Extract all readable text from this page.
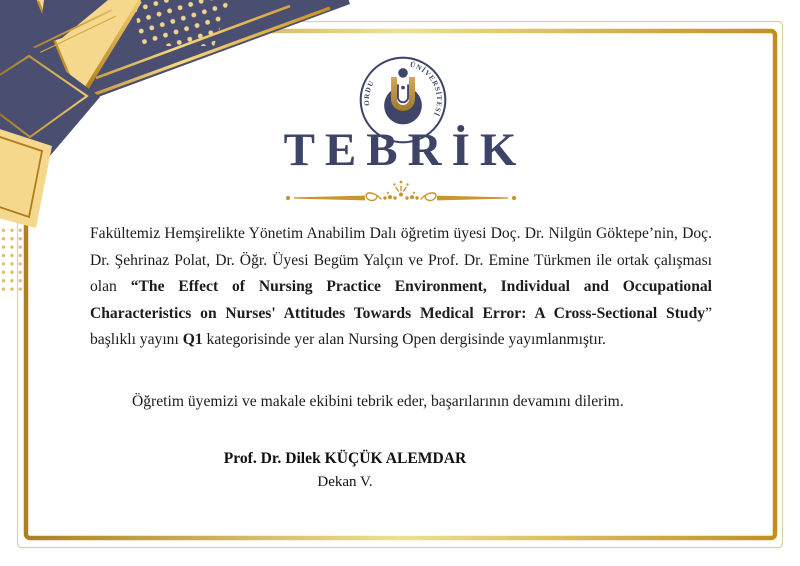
ORDU
ÜNİVERSİTESİ
TEBRİK

Fakültemiz Hemşirelikte Yönetim Anabilim Dalı öğretim üyesi Doç. Dr. Nilgün Göktepe’nin, Doç. Dr. Şehrinaz Polat, Dr. Öğr. Üyesi Begüm Yalçın ve Prof. Dr. Emine Türkmen ile ortak çalışması olan “The Effect of Nursing Practice Environment, Individual and Occupational Characteristics on Nurses' Attitudes Towards Medical Error: A Cross-Sectional Study” başlıklı yayını Q1 kategorisinde yer alan Nursing Open dergisinde yayımlanmıştır.

Öğretim üyemizi ve makale ekibini tebrik eder, başarılarının devamını dilerim.

Prof. Dr. Dilek KÜÇÜK ALEMDAR
Dekan V.
